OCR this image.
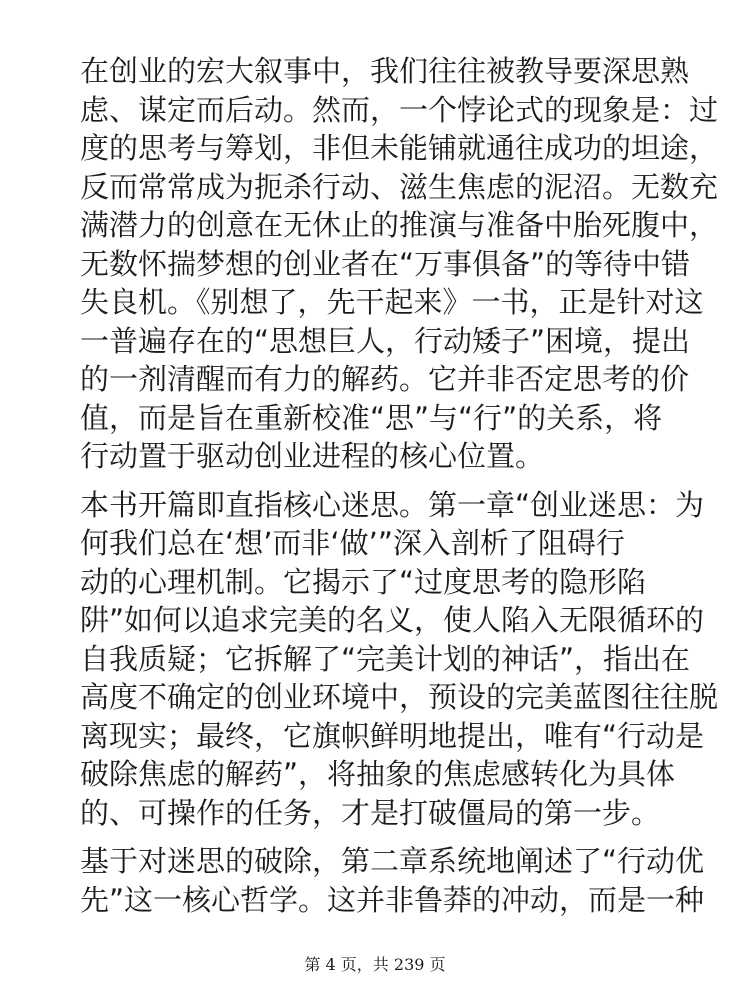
在创业的宏大叙事中，我们往往被教导要深思熟
虑、谋定而后动。然而，一个悖论式的现象是：过
度的思考与筹划，非但未能铺就通往成功的坦途，
反而常常成为扼杀行动、滋生焦虑的泥沼。无数充
满潜力的创意在无休止的推演与准备中胎死腹中，
无数怀揣梦想的创业者在“万事俱备”的等待中错
失良机。《别想了，先干起来》一书，正是针对这
一普遍存在的“思想巨人，行动矮子”困境，提出
的一剂清醒而有力的解药。它并非否定思考的价
值，而是旨在重新校准“思”与“行”的关系，将
行动置于驱动创业进程的核心位置。
本书开篇即直指核心迷思。第一章“创业迷思：为
何我们总在‘想’而非‘做’”深入剖析了阻碍行
动的心理机制。它揭示了“过度思考的隐形陷
阱”如何以追求完美的名义，使人陷入无限循环的
自我质疑；它拆解了“完美计划的神话”，指出在
高度不确定的创业环境中，预设的完美蓝图往往脱
离现实；最终，它旗帜鲜明地提出，唯有“行动是
破除焦虑的解药”，将抽象的焦虑感转化为具体
的、可操作的任务，才是打破僵局的第一步。
基于对迷思的破除，第二章系统地阐述了“行动优
先”这一核心哲学。这并非鲁莽的冲动，而是一种
第 4 页，共 239 页
